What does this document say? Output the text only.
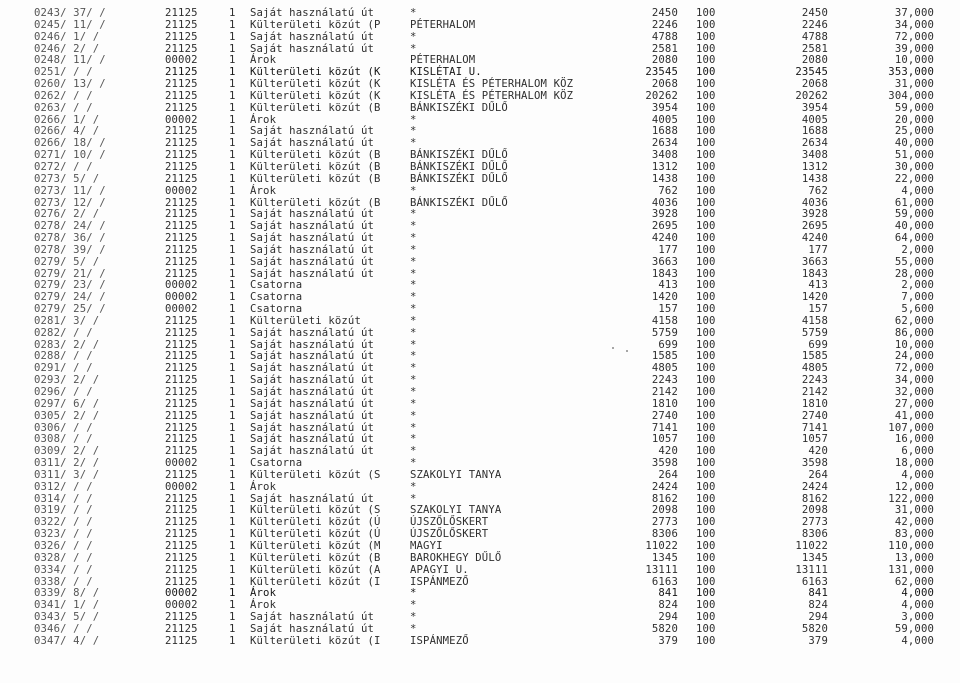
0243/ 37/ /	21125	1 Saját használatú út	*	2450 100	2450	37,000
0245/ 11/ /	21125	1 Külterületi közút (P	PÉTERHALOM	2246 100	2246	34,000
0246/ 1/ /	21125	1 Saját használatú út	*	4788 100	4788	72,000
0246/ 2/ /	21125	1 Saját használatú út	*	2581 100	2581	39,000
0248/ 11/ /	00002	1 Árok	PÉTERHALOM	2080 100	2080	10,000
0251/ / /	21125	1 Külterületi közút (K	KISLÉTAI U.	23545 100	23545	353,000
0260/ 13/ /	21125	1 Külterületi közút (K	KISLÉTA ÉS PÉTERHALOM KÖZ	2068 100	2068	31,000
0262/ / /	21125	1 Külterületi közút (K	KISLÉTA ÉS PÉTERHALOM KÖZ	20262 100	20262	304,000
0263/ / /	21125	1 Külterületi közút (B	BÁNKISZÉKI DŰLŐ	3954 100	3954	59,000
0266/ 1/ /	00002	1 Árok	*	4005 100	4005	20,000
0266/ 4/ /	21125	1 Saját használatú út	*	1688 100	1688	25,000
0266/ 18/ /	21125	1 Saját használatú út	*	2634 100	2634	40,000
0271/ 10/ /	21125	1 Külterületi közút (B	BÁNKISZÉKI DŰLŐ	3408 100	3408	51,000
0272/ / /	21125	1 Külterületi közút (B	BÁNKISZÉKI DŰLŐ	1312 100	1312	30,000
0273/ 5/ /	21125	1 Külterületi közút (B	BÁNKISZÉKI DŰLŐ	1438 100	1438	22,000
0273/ 11/ /	00002	1 Árok	*	762 100	762	4,000
0273/ 12/ /	21125	1 Külterületi közút (B	BÁNKISZÉKI DŰLŐ	4036 100	4036	61,000
0276/ 2/ /	21125	1 Saját használatú út	*	3928 100	3928	59,000
0278/ 24/ /	21125	1 Saját használatú út	*	2695 100	2695	40,000
0278/ 36/ /	21125	1 Saját használatú út	*	4240 100	4240	64,000
0278/ 39/ /	21125	1 Saját használatú út	*	177 100	177	2,000
0279/ 5/ /	21125	1 Saját használatú út	*	3663 100	3663	55,000
0279/ 21/ /	21125	1 Saját használatú út	*	1843 100	1843	28,000
0279/ 23/ /	00002	1 Csatorna	*	413 100	413	2,000
0279/ 24/ /	00002	1 Csatorna	*	1420 100	1420	7,000
0279/ 25/ /	00002	1 Csatorna	*	157 100	157	5,600
0281/ 3/ /	21125	1 Külterületi közút	*	4158 100	4158	62,000
0282/ / /	21125	1 Saját használatú út	*	5759 100	5759	86,000
0283/ 2/ /	21125	1 Saját használatú út	*	699 100	699	10,000
0288/ / /	21125	1 Saját használatú út	*	1585 100	1585	24,000
0291/ / /	21125	1 Saját használatú út	*	4805 100	4805	72,000
0293/ 2/ /	21125	1 Saját használatú út	*	2243 100	2243	34,000
0296/ / /	21125	1 Saját használatú út	*	2142 100	2142	32,000
0297/ 6/ /	21125	1 Saját használatú út	*	1810 100	1810	27,000
0305/ 2/ /	21125	1 Saját használatú út	*	2740 100	2740	41,000
0306/ / /	21125	1 Saját használatú út	*	7141 100	7141	107,000
0308/ / /	21125	1 Saját használatú út	*	1057 100	1057	16,000
0309/ 2/ /	21125	1 Saját használatú út	*	420 100	420	6,000
0311/ 2/ /	00002	1 Csatorna	*	3598 100	3598	18,000
0311/ 3/ /	21125	1 Külterületi közút (S	SZAKOLYI TANYA	264 100	264	4,000
0312/ / /	00002	1 Árok	*	2424 100	2424	12,000
0314/ / /	21125	1 Saját használatú út	*	8162 100	8162	122,000
0319/ / /	21125	1 Külterületi közút (S	SZAKOLYI TANYA	2098 100	2098	31,000
0322/ / /	21125	1 Külterületi közút (Ú	ÚJSZŐLŐSKERT	2773 100	2773	42,000
0323/ / /	21125	1 Külterületi közút (Ú	ÚJSZŐLŐSKERT	8306 100	8306	83,000
0326/ / /	21125	1 Külterületi közút (M	MAGYI	11022 100	11022	110,000
0328/ / /	21125	1 Külterületi közút (B	BAROKHEGY DŰLŐ	1345 100	1345	13,000
0334/ / /	21125	1 Külterületi közút (A	APAGYI U.	13111 100	13111	131,000
0338/ / /	21125	1 Külterületi közút (I	ISPÁNMEZŐ	6163 100	6163	62,000
0339/ 8/ /	00002	1 Árok	*	841 100	841	4,000
0341/ 1/ /	00002	1 Árok	*	824 100	824	4,000
0343/ 5/ /	21125	1 Saját használatú út	*	294 100	294	3,000
0346/ / /	21125	1 Saját használatú út	*	5820 100	5820	59,000
0347/ 4/ /	21125	1 Külterületi közút (I	ISPÁNMEZŐ	379 100	379	4,000
